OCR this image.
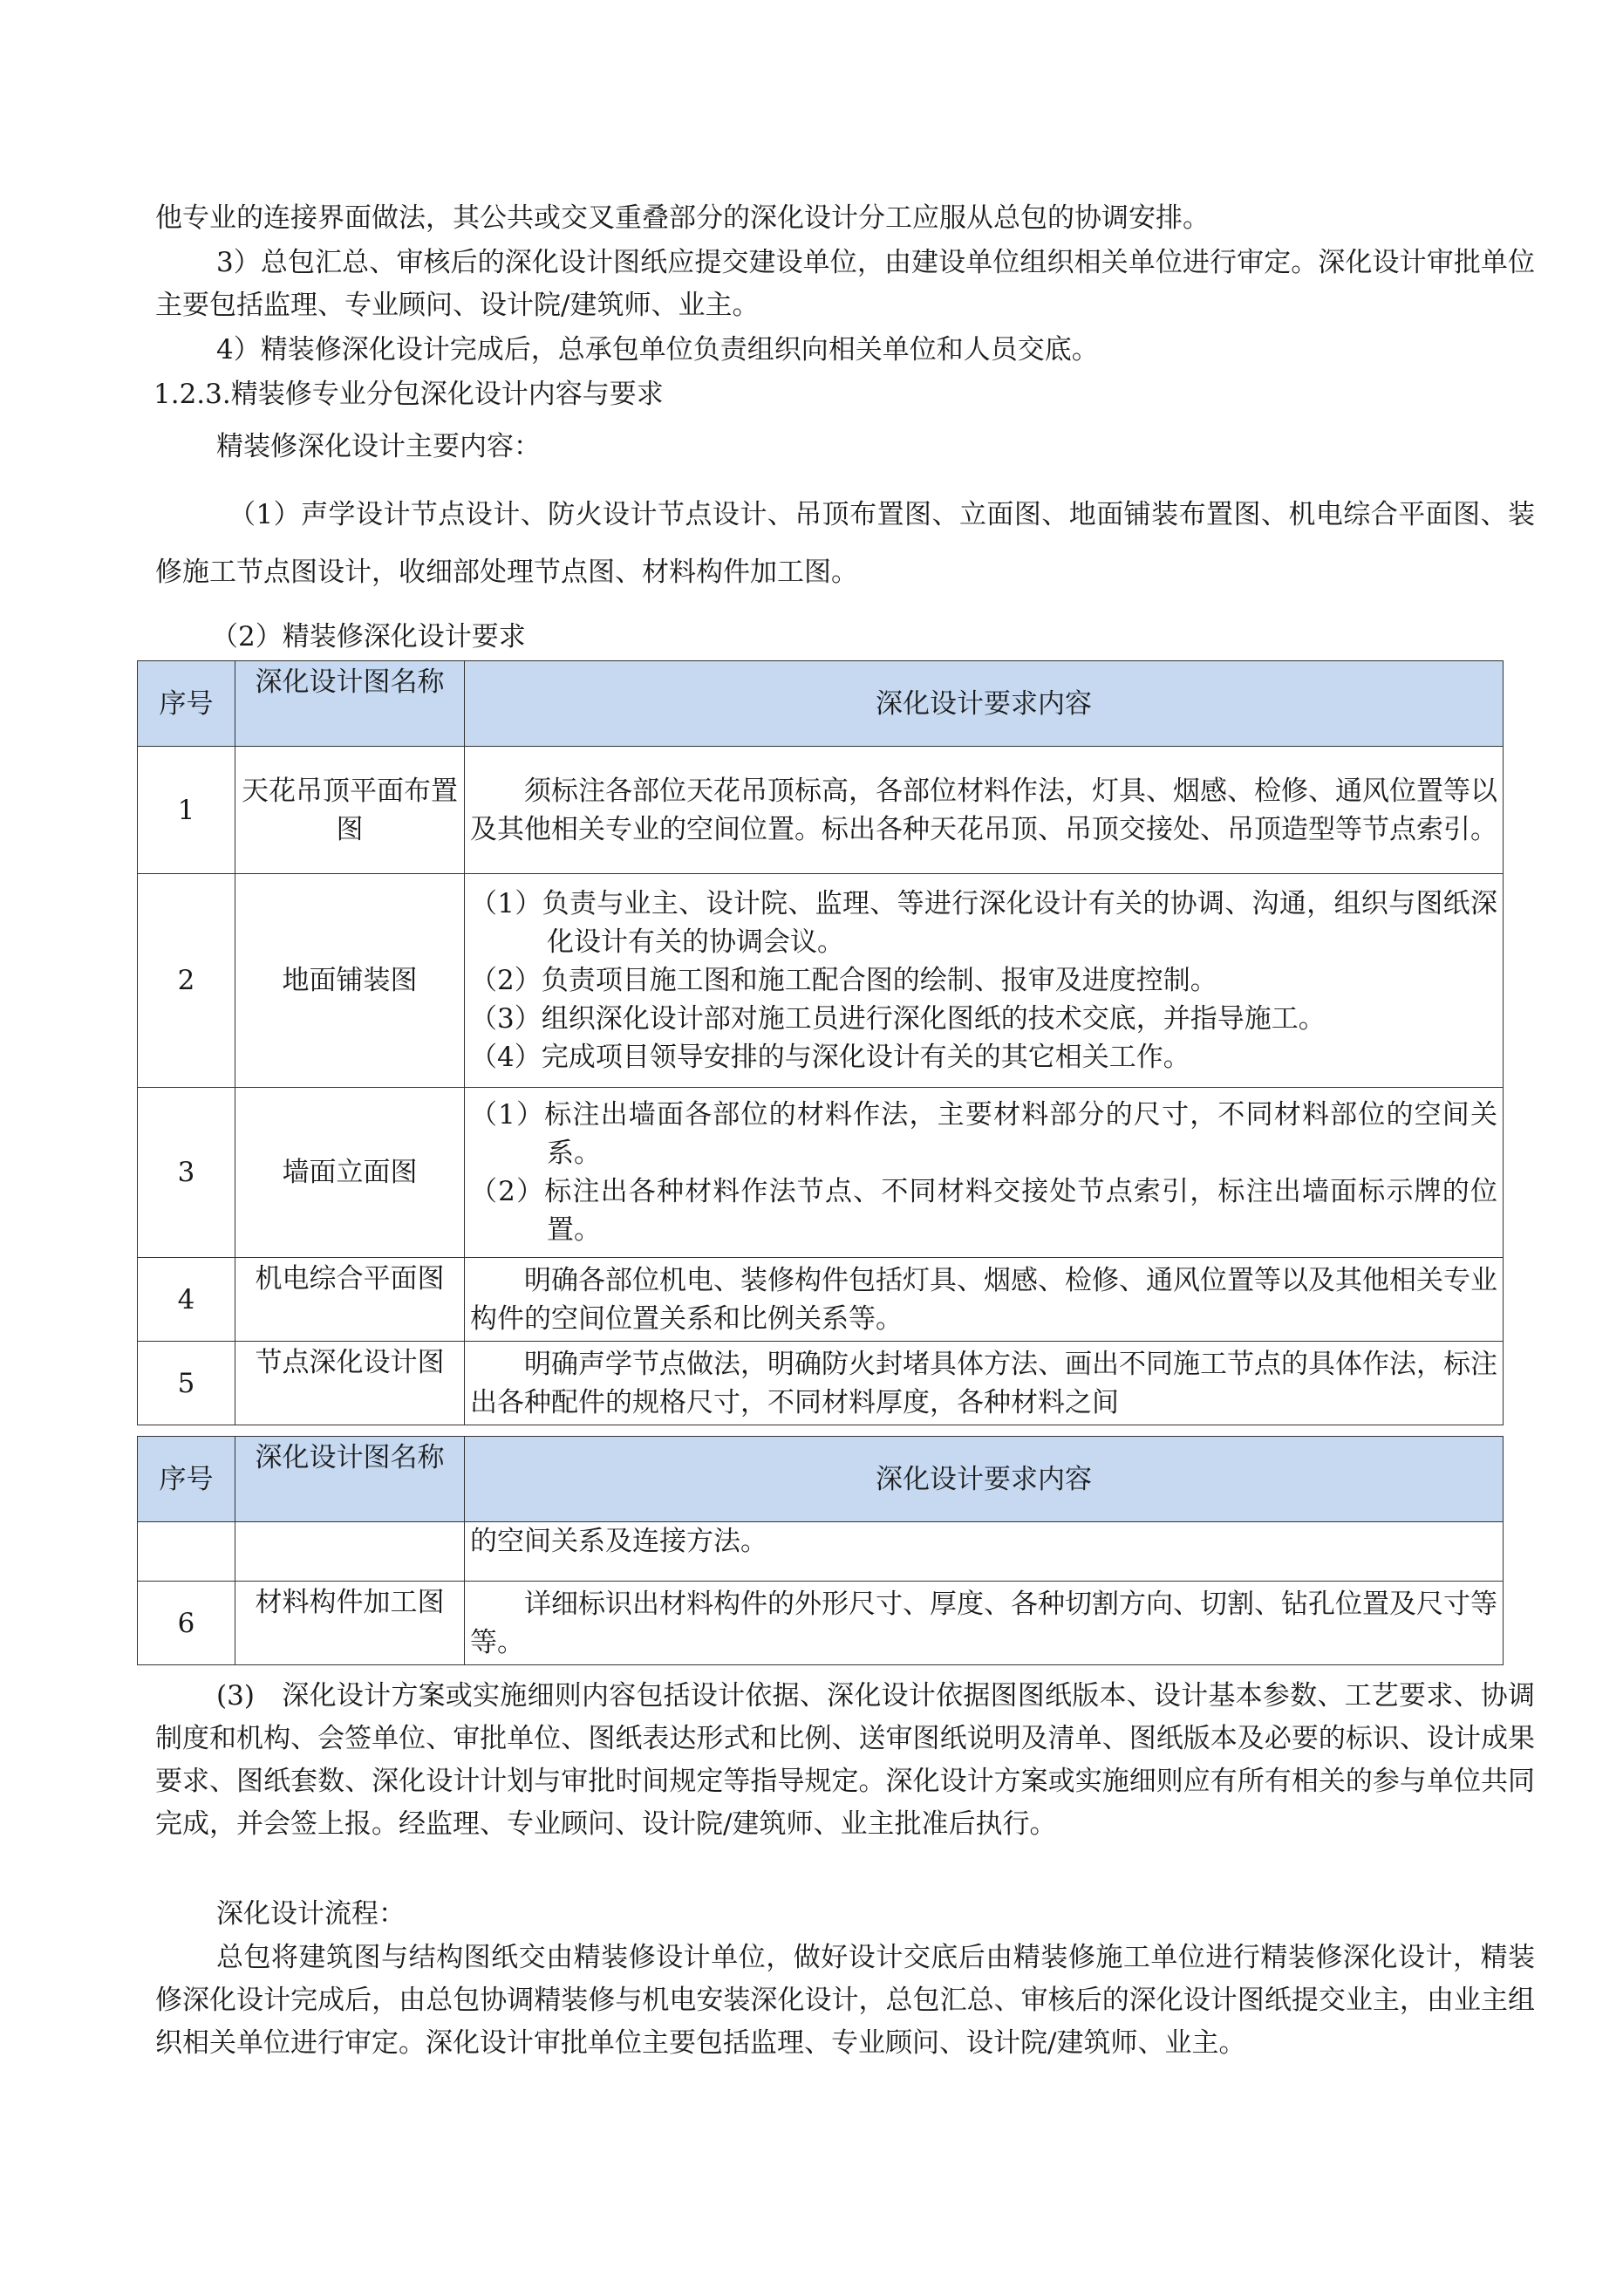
他专业的连接界面做法，其公共或交叉重叠部分的深化设计分工应服从总包的协调安排。

3）总包汇总、审核后的深化设计图纸应提交建设单位，由建设单位组织相关单位进行审定。深化设计审批单位主要包括监理、专业顾问、设计院/建筑师、业主。

4）精装修深化设计完成后，总承包单位负责组织向相关单位和人员交底。

1.2.3.精装修专业分包深化设计内容与要求

精装修深化设计主要内容：

（1）声学设计节点设计、防火设计节点设计、吊顶布置图、立面图、地面铺装布置图、机电综合平面图、装修施工节点图设计，收细部处理节点图、材料构件加工图。

（2）精装修深化设计要求

序号	深化设计图名称	深化设计要求内容
1	天花吊顶平面布置图	须标注各部位天花吊顶标高，各部位材料作法，灯具、烟感、检修、通风位置等以及其他相关专业的空间位置。标出各种天花吊顶、吊顶交接处、吊顶造型等节点索引。
2	地面铺装图	（1）负责与业主、设计院、监理、等进行深化设计有关的协调、沟通，组织与图纸深化设计有关的协调会议。
（2）负责项目施工图和施工配合图的绘制、报审及进度控制。
（3）组织深化设计部对施工员进行深化图纸的技术交底，并指导施工。
（4）完成项目领导安排的与深化设计有关的其它相关工作。

3	墙面立面图	（1）标注出墙面各部位的材料作法，主要材料部分的尺寸，不同材料部位的空间关系。
（2）标注出各种材料作法节点、不同材料交接处节点索引，标注出墙面标示牌的位置。

4	机电综合平面图	明确各部位机电、装修构件包括灯具、烟感、检修、通风位置等以及其他相关专业构件的空间位置关系和比例关系等。
5	节点深化设计图	明确声学节点做法，明确防火封堵具体方法、画出不同施工节点的具体作法，标注出各种配件的规格尺寸，不同材料厚度，各种材料之间
序号	深化设计图名称	深化设计要求内容
		的空间关系及连接方法。
6	材料构件加工图	详细标识出材料构件的外形尺寸、厚度、各种切割方向、切割、钻孔位置及尺寸等等。

(3)　深化设计方案或实施细则内容包括设计依据、深化设计依据图图纸版本、设计基本参数、工艺要求、协调制度和机构、会签单位、审批单位、图纸表达形式和比例、送审图纸说明及清单、图纸版本及必要的标识、设计成果要求、图纸套数、深化设计计划与审批时间规定等指导规定。深化设计方案或实施细则应有所有相关的参与单位共同完成，并会签上报。经监理、专业顾问、设计院/建筑师、业主批准后执行。

深化设计流程：

总包将建筑图与结构图纸交由精装修设计单位，做好设计交底后由精装修施工单位进行精装修深化设计，精装修深化设计完成后，由总包协调精装修与机电安装深化设计，总包汇总、审核后的深化设计图纸提交业主，由业主组织相关单位进行审定。深化设计审批单位主要包括监理、专业顾问、设计院/建筑师、业主。
